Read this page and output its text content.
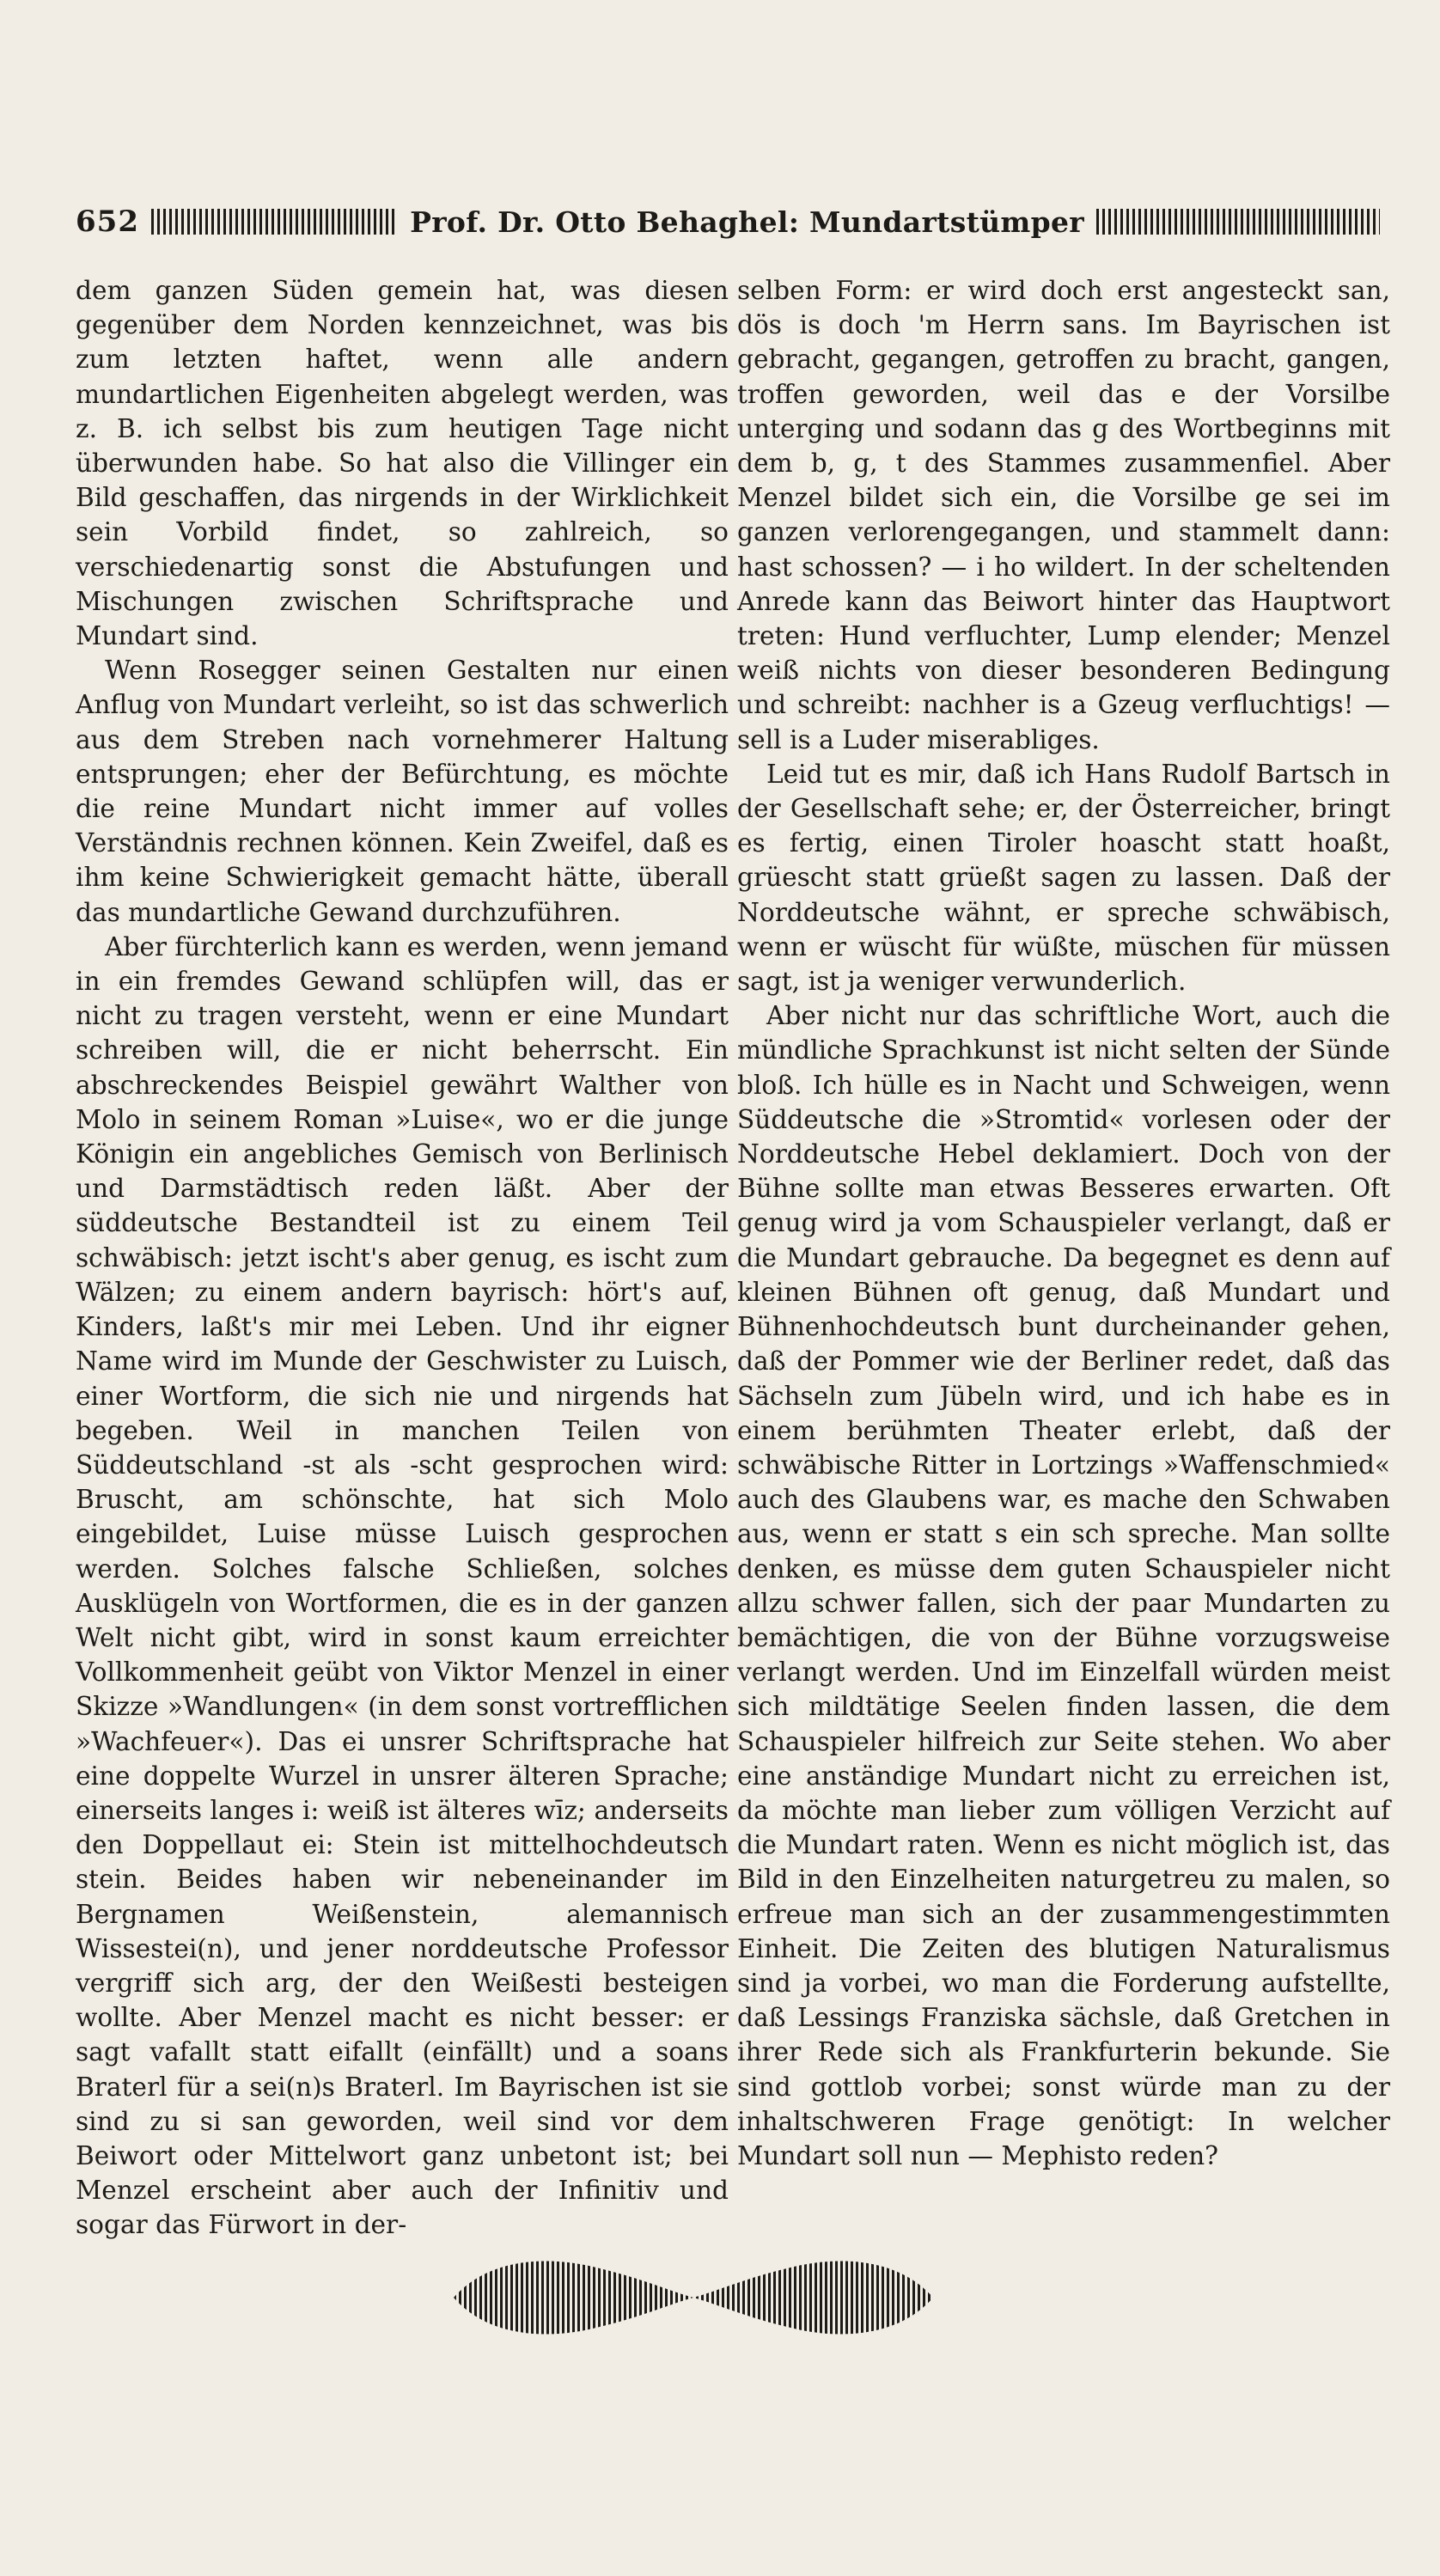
652	Prof. Dr. Otto Behaghel: Mundartstümper

dem ganzen Süden gemein hat, was diesen gegenüber dem Norden kennzeichnet, was bis zum letzten haftet, wenn alle andern mundartlichen Eigenheiten abgelegt werden, was z. B. ich selbst bis zum heutigen Tage nicht überwunden habe. So hat also die Villinger ein Bild geschaffen, das nirgends in der Wirklichkeit sein Vorbild findet, so zahlreich, so verschiedenartig sonst die Abstufungen und Mischungen zwischen Schriftsprache und Mundart sind.

Wenn Rosegger seinen Gestalten nur einen Anflug von Mundart verleiht, so ist das schwerlich aus dem Streben nach vornehmerer Haltung entsprungen; eher der Befürchtung, es möchte die reine Mundart nicht immer auf volles Verständnis rechnen können. Kein Zweifel, daß es ihm keine Schwierigkeit gemacht hätte, überall das mundartliche Gewand durchzuführen.

Aber fürchterlich kann es werden, wenn jemand in ein fremdes Gewand schlüpfen will, das er nicht zu tragen versteht, wenn er eine Mundart schreiben will, die er nicht beherrscht. Ein abschreckendes Beispiel gewährt Walther von Molo in seinem Roman »Luise«, wo er die junge Königin ein angebliches Gemisch von Berlinisch und Darmstädtisch reden läßt. Aber der süddeutsche Bestandteil ist zu einem Teil schwäbisch: jetzt ischt's aber genug, es ischt zum Wälzen; zu einem andern bayrisch: hört's auf, Kinders, laßt's mir mei Leben. Und ihr eigner Name wird im Munde der Geschwister zu Luisch, einer Wortform, die sich nie und nirgends hat begeben. Weil in manchen Teilen von Süddeutschland -st als -scht gesprochen wird: Bruscht, am schönschte, hat sich Molo eingebildet, Luise müsse Luisch gesprochen werden. Solches falsche Schließen, solches Ausklügeln von Wortformen, die es in der ganzen Welt nicht gibt, wird in sonst kaum erreichter Vollkommenheit geübt von Viktor Menzel in einer Skizze »Wandlungen« (in dem sonst vortrefflichen »Wachfeuer«). Das ei unsrer Schriftsprache hat eine doppelte Wurzel in unsrer älteren Sprache; einerseits langes i: weiß ist älteres wīz; anderseits den Doppellaut ei: Stein ist mittelhochdeutsch stein. Beides haben wir nebeneinander im Bergnamen Weißenstein, alemannisch Wissestei(n), und jener norddeutsche Professor vergriff sich arg, der den Weißesti besteigen wollte. Aber Menzel macht es nicht besser: er sagt vafallt statt eifallt (einfällt) und a soans Braterl für a sei(n)s Braterl. Im Bayrischen ist sie sind zu si san geworden, weil sind vor dem Beiwort oder Mittelwort ganz unbetont ist; bei Menzel erscheint aber auch der Infinitiv und sogar das Fürwort in der-

selben Form: er wird doch erst angesteckt san, dös is doch 'm Herrn sans. Im Bayrischen ist gebracht, gegangen, getroffen zu bracht, gangen, troffen geworden, weil das e der Vorsilbe unterging und sodann das g des Wortbeginns mit dem b, g, t des Stammes zusammenfiel. Aber Menzel bildet sich ein, die Vorsilbe ge sei im ganzen verlorengegangen, und stammelt dann: hast schossen? — i ho wildert. In der scheltenden Anrede kann das Beiwort hinter das Hauptwort treten: Hund verfluchter, Lump elender; Menzel weiß nichts von dieser besonderen Bedingung und schreibt: nachher is a Gzeug verfluchtigs! — sell is a Luder miserabliges.

Leid tut es mir, daß ich Hans Rudolf Bartsch in der Gesellschaft sehe; er, der Österreicher, bringt es fertig, einen Tiroler hoascht statt hoaßt, grüescht statt grüeßt sagen zu lassen. Daß der Norddeutsche wähnt, er spreche schwäbisch, wenn er wüscht für wüßte, müschen für müssen sagt, ist ja weniger verwunderlich.

Aber nicht nur das schriftliche Wort, auch die mündliche Sprachkunst ist nicht selten der Sünde bloß. Ich hülle es in Nacht und Schweigen, wenn Süddeutsche die »Stromtid« vorlesen oder der Norddeutsche Hebel deklamiert. Doch von der Bühne sollte man etwas Besseres erwarten. Oft genug wird ja vom Schauspieler verlangt, daß er die Mundart gebrauche. Da begegnet es denn auf kleinen Bühnen oft genug, daß Mundart und Bühnenhochdeutsch bunt durcheinander gehen, daß der Pommer wie der Berliner redet, daß das Sächseln zum Jübeln wird, und ich habe es in einem berühmten Theater erlebt, daß der schwäbische Ritter in Lortzings »Waffenschmied« auch des Glaubens war, es mache den Schwaben aus, wenn er statt s ein sch spreche. Man sollte denken, es müsse dem guten Schauspieler nicht allzu schwer fallen, sich der paar Mundarten zu bemächtigen, die von der Bühne vorzugsweise verlangt werden. Und im Einzelfall würden meist sich mildtätige Seelen finden lassen, die dem Schauspieler hilfreich zur Seite stehen. Wo aber eine anständige Mundart nicht zu erreichen ist, da möchte man lieber zum völligen Verzicht auf die Mundart raten. Wenn es nicht möglich ist, das Bild in den Einzelheiten naturgetreu zu malen, so erfreue man sich an der zusammengestimmten Einheit. Die Zeiten des blutigen Naturalismus sind ja vorbei, wo man die Forderung aufstellte, daß Lessings Franziska sächsle, daß Gretchen in ihrer Rede sich als Frankfurterin bekunde. Sie sind gottlob vorbei; sonst würde man zu der inhaltschweren Frage genötigt: In welcher Mundart soll nun — Mephisto reden?
